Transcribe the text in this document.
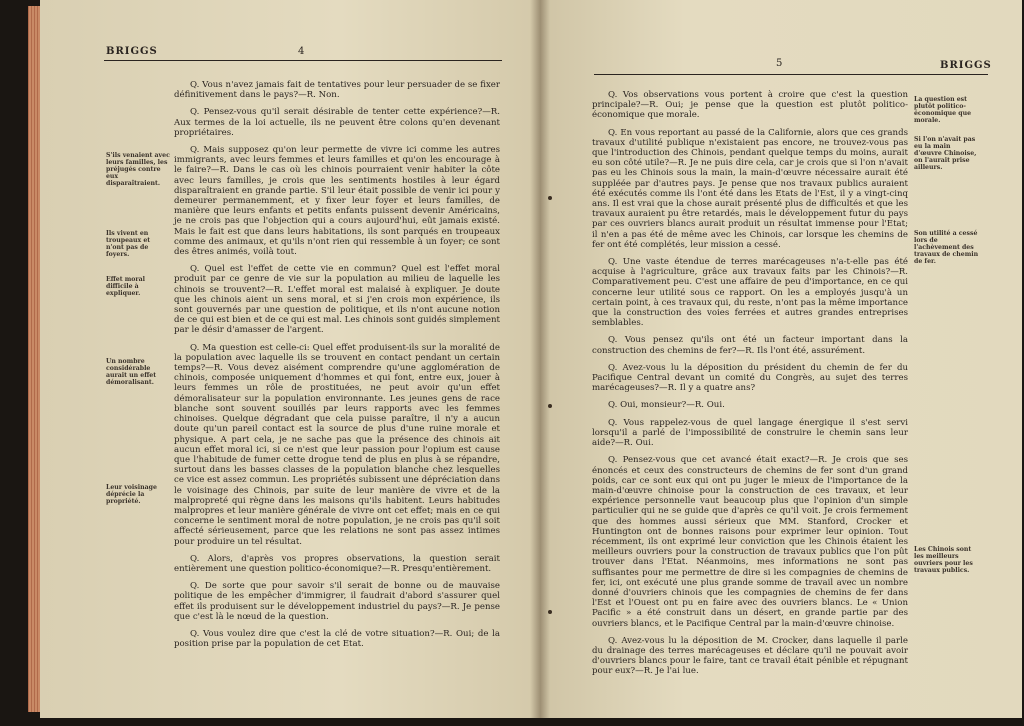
BRIGGS	4
S'ils venaient avec leurs familles, les préjugés contre eux disparaîtraient.
Ils vivent en troupeaux et n'ont pas de foyers.
Effet moral difficile à expliquer.
Un nombre considérable aurait un effet démoralisant.
Leur voisinage déprécie la propriété.

Q. Vous n'avez jamais fait de tentatives pour leur persuader de se fixer définitivement dans le pays?—R. Non.

Q. Pensez-vous qu'il serait désirable de tenter cette expérience?—R. Aux termes de la loi actuelle, ils ne peuvent être colons qu'en devenant propriétaires.

Q. Mais supposez qu'on leur permette de vivre ici comme les autres immigrants, avec leurs femmes et leurs familles et qu'on les encourage à le faire?—R. Dans le cas où les chinois pourraient venir habiter la côte avec leurs familles, je crois que les sentiments hostiles à leur égard disparaîtraient en grande partie. S'il leur était possible de venir ici pour y demeurer permanemment, et y fixer leur foyer et leurs familles, de manière que leurs enfants et petits enfants puissent devenir Américains, je ne crois pas que l'objection qui a cours aujourd'hui, eût jamais existé. Mais le fait est que dans leurs habitations, ils sont parqués en troupeaux comme des animaux, et qu'ils n'ont rien qui ressemble à un foyer; ce sont des êtres animés, voilà tout.

Q. Quel est l'effet de cette vie en commun? Quel est l'effet moral produit par ce genre de vie sur la population au milieu de laquelle les chinois se trouvent?—R. L'effet moral est malaisé à expliquer. Je doute que les chinois aient un sens moral, et si j'en crois mon expérience, ils sont gouvernés par une question de politique, et ils n'ont aucune notion de ce qui est bien et de ce qui est mal. Les chinois sont guidés simplement par le désir d'amasser de l'argent.

Q. Ma question est celle-ci: Quel effet produisent-ils sur la moralité de la population avec laquelle ils se trouvent en contact pendant un certain temps?—R. Vous devez aisément comprendre qu'une agglomération de chinois, composée uniquement d'hommes et qui font, entre eux, jouer à leurs femmes un rôle de prostituées, ne peut avoir qu'un effet démoralisateur sur la population environnante. Les jeunes gens de race blanche sont souvent souillés par leurs rapports avec les femmes chinoises. Quelque dégradant que cela puisse paraître, il n'y a aucun doute qu'un pareil contact est la source de plus d'une ruine morale et physique. A part cela, je ne sache pas que la présence des chinois ait aucun effet moral ici, si ce n'est que leur passion pour l'opium est cause que l'habitude de fumer cette drogue tend de plus en plus à se répandre, surtout dans les basses classes de la population blanche chez lesquelles ce vice est assez commun. Les propriétés subissent une dépréciation dans le voisinage des Chinois, par suite de leur manière de vivre et de la malpropreté qui règne dans les maisons qu'ils habitent. Leurs habitudes malpropres et leur manière générale de vivre ont cet effet; mais en ce qui concerne le sentiment moral de notre population, je ne crois pas qu'il soit affecté sérieusement, parce que les relations ne sont pas assez intimes pour produire un tel résultat.

Q. Alors, d'après vos propres observations, la question serait entièrement une question politico-économique?—R. Presqu'entièrement.

Q. De sorte que pour savoir s'il serait de bonne ou de mauvaise politique de les empêcher d'immigrer, il faudrait d'abord s'assurer quel effet ils produisent sur le développement industriel du pays?—R. Je pense que c'est là le nœud de la question.

Q. Vous voulez dire que c'est la clé de votre situation?—R. Oui; de la position prise par la population de cet Etat.

5	BRIGGS

Q. Vos observations vous portent à croire que c'est la question principale?—R. Oui; je pense que la question est plutôt politico-économique que morale.

Q. En vous reportant au passé de la Californie, alors que ces grands travaux d'utilité publique n'existaient pas encore, ne trouvez-vous pas que l'introduction des Chinois, pendant quelque temps du moins, aurait eu son côté utile?—R. Je ne puis dire cela, car je crois que si l'on n'avait pas eu les Chinois sous la main, la main-d'œuvre nécessaire aurait été suppléée par d'autres pays. Je pense que nos travaux publics auraient été exécutés comme ils l'ont été dans les Etats de l'Est, il y a vingt-cinq ans. Il est vrai que la chose aurait présenté plus de difficultés et que les travaux auraient pu être retardés, mais le développement futur du pays par ces ouvriers blancs aurait produit un résultat immense pour l'Etat; il n'en a pas été de même avec les Chinois, car lorsque les chemins de fer ont été complétés, leur mission a cessé.

Q. Une vaste étendue de terres marécageuses n'a-t-elle pas été acquise à l'agriculture, grâce aux travaux faits par les Chinois?—R. Comparativement peu. C'est une affaire de peu d'importance, en ce qui concerne leur utilité sous ce rapport. On les a employés jusqu'à un certain point, à ces travaux qui, du reste, n'ont pas la même importance que la construction des voies ferrées et autres grandes entreprises semblables.

Q. Vous pensez qu'ils ont été un facteur important dans la construction des chemins de fer?—R. Ils l'ont été, assurément.

Q. Avez-vous lu la déposition du président du chemin de fer du Pacifique Central devant un comité du Congrès, au sujet des terres marécageuses?—R. Il y a quatre ans?

Q. Oui, monsieur?—R. Oui.

Q. Vous rappelez-vous de quel langage énergique il s'est servi lorsqu'il a parlé de l'impossibilité de construire le chemin sans leur aide?—R. Oui.

Q. Pensez-vous que cet avancé était exact?—R. Je crois que ses énoncés et ceux des constructeurs de chemins de fer sont d'un grand poids, car ce sont eux qui ont pu juger le mieux de l'importance de la main-d'œuvre chinoise pour la construction de ces travaux, et leur expérience personnelle vaut beaucoup plus que l'opinion d'un simple particulier qui ne se guide que d'après ce qu'il voit. Je crois fermement que des hommes aussi sérieux que MM. Stanford, Crocker et Huntington ont de bonnes raisons pour exprimer leur opinion. Tout récemment, ils ont exprimé leur conviction que les Chinois étaient les meilleurs ouvriers pour la construction de travaux publics que l'on pût trouver dans l'Etat. Néanmoins, mes informations ne sont pas suffisantes pour me permettre de dire si les compagnies de chemins de fer, ici, ont exécuté une plus grande somme de travail avec un nombre donné d'ouvriers chinois que les compagnies de chemins de fer dans l'Est et l'Ouest ont pu en faire avec des ouvriers blancs. Le « Union Pacific » a été construit dans un désert, en grande partie par des ouvriers blancs, et le Pacifique Central par la main-d'œuvre chinoise.

Q. Avez-vous lu la déposition de M. Crocker, dans laquelle il parle du drainage des terres marécageuses et déclare qu'il ne pouvait avoir d'ouvriers blancs pour le faire, tant ce travail était pénible et répugnant pour eux?—R. Je l'ai lue.

La question est plutôt politico-économique que morale.
Si l'on n'avait pas eu la main d'œuvre Chinoise, on l'aurait prise ailleurs.
Son utilité a cessé lors de l'achèvement des travaux de chemin de fer.
Les Chinois sont les meilleurs ouvriers pour les travaux publics.
